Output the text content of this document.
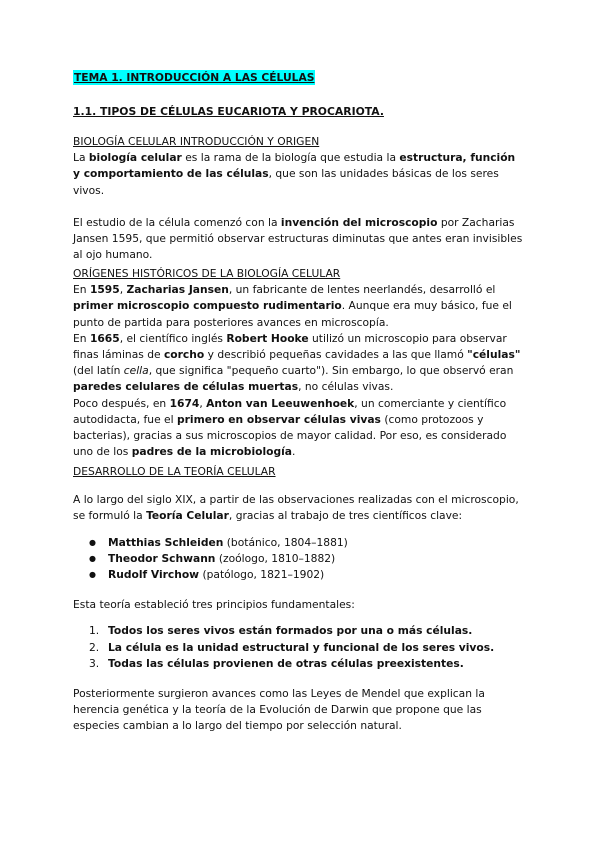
TEMA 1. INTRODUCCIÓN A LAS CÉLULAS
1.1. TIPOS DE CÉLULAS EUCARIOTA Y PROCARIOTA.

BIOLOGÍA CELULAR INTRODUCCIÓN Y ORIGEN

La biología celular es la rama de la biología que estudia la estructura, función y comportamiento de las células, que son las unidades básicas de los seres vivos.

El estudio de la célula comenzó con la invención del microscopio por Zacharias Jansen 1595, que permitió observar estructuras diminutas que antes eran invisibles al ojo humano.

ORÍGENES HISTÓRICOS DE LA BIOLOGÍA CELULAR

En 1595, Zacharias Jansen, un fabricante de lentes neerlandés, desarrolló el primer microscopio compuesto rudimentario. Aunque era muy básico, fue el punto de partida para posteriores avances en microscopía.

En 1665, el científico inglés Robert Hooke utilizó un microscopio para observar finas láminas de corcho y describió pequeñas cavidades a las que llamó "células" (del latín cella, que significa "pequeño cuarto"). Sin embargo, lo que observó eran paredes celulares de células muertas, no células vivas.

Poco después, en 1674, Anton van Leeuwenhoek, un comerciante y científico autodidacta, fue el primero en observar células vivas (como protozoos y bacterias), gracias a sus microscopios de mayor calidad. Por eso, es considerado uno de los padres de la microbiología.

DESARROLLO DE LA TEORÍA CELULAR

A lo largo del siglo XIX, a partir de las observaciones realizadas con el microscopio, se formuló la Teoría Celular, gracias al trabajo de tres científicos clave:

● Matthias Schleiden (botánico, 1804–1881)
● Theodor Schwann (zoólogo, 1810–1882)
● Rudolf Virchow (patólogo, 1821–1902)

Esta teoría estableció tres principios fundamentales:

1. Todos los seres vivos están formados por una o más células.
2. La célula es la unidad estructural y funcional de los seres vivos.
3. Todas las células provienen de otras células preexistentes.

Posteriormente surgieron avances como las Leyes de Mendel que explican la herencia genética y la teoría de la Evolución de Darwin que propone que las especies cambian a lo largo del tiempo por selección natural.
